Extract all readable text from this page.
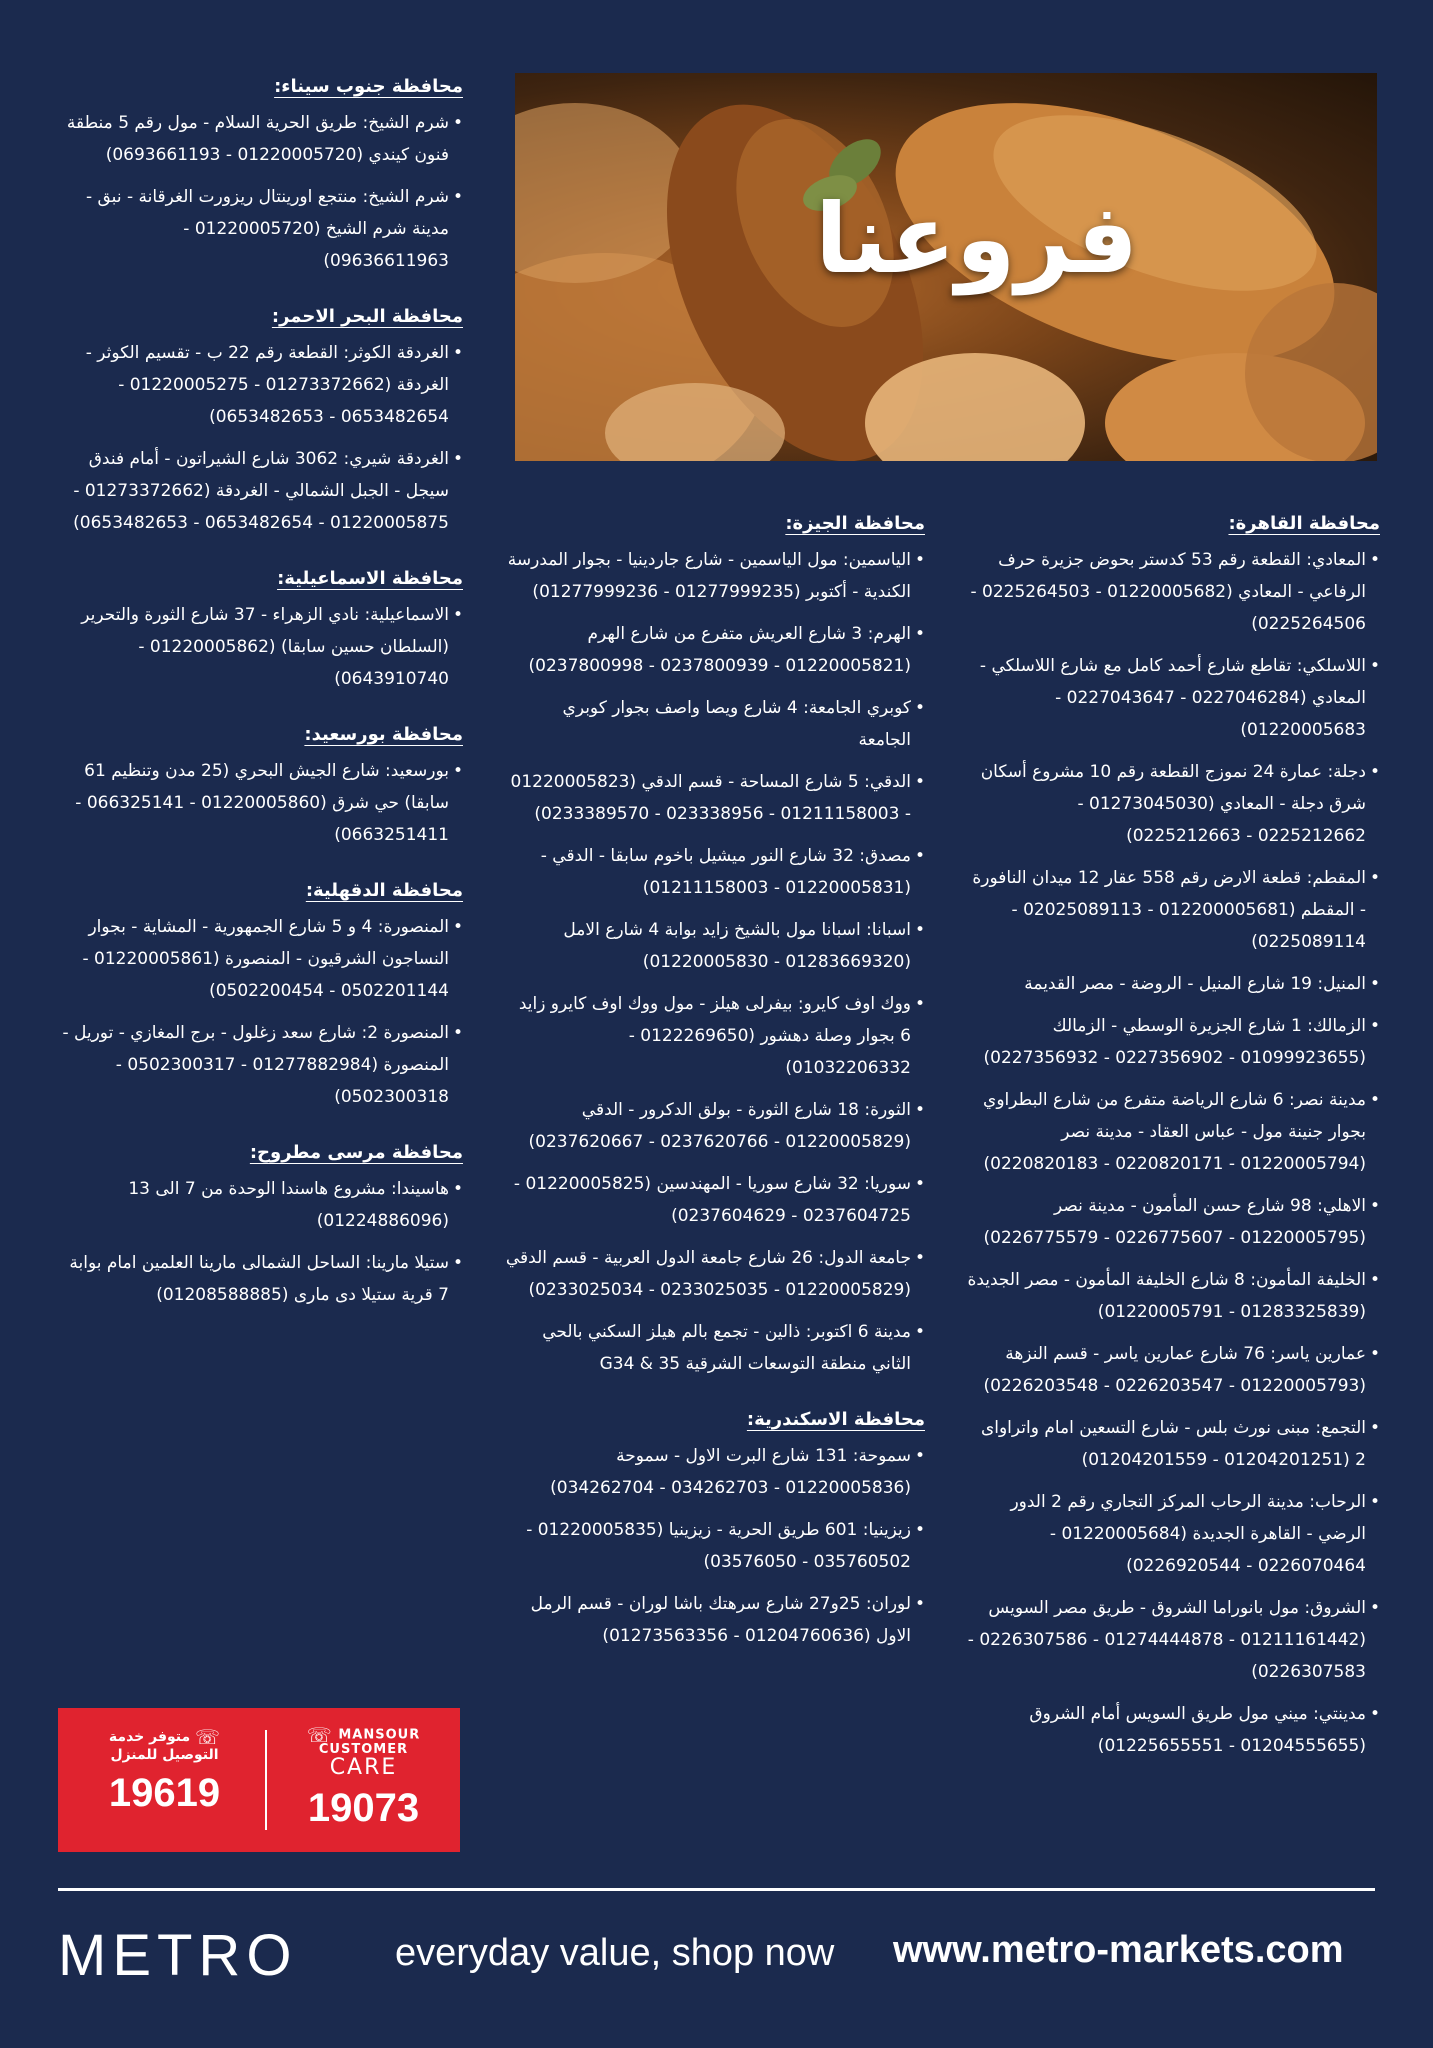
فروعنا
محافظة جنوب سيناء:
• شرم الشيخ: طريق الحرية السلام - مول رقم 5 منطقة فنون كيندي (01220005720 - 0693661193)
• شرم الشيخ: منتجع اورينتال ريزورت الغرقانة - نبق - مدينة شرم الشيخ (01220005720 - 09636611963)
محافظة البحر الاحمر:
• الغردقة الكوثر: القطعة رقم 22 ب - تقسيم الكوثر - الغردقة (01273372662 - 01220005275 - 0653482654 - 0653482653)
• الغردقة شيري: 3062 شارع الشيراتون - أمام فندق سيجل - الجبل الشمالي - الغردقة (01273372662 - 01220005875 - 0653482654 - 0653482653)
محافظة الاسماعيلية:
• الاسماعيلية: نادي الزهراء - 37 شارع الثورة والتحرير (السلطان حسين سابقا) (01220005862 - 0643910740)
محافظة بورسعيد:
• بورسعيد: شارع الجيش البحري (25 مدن وتنظيم 61 سابقا) حي شرق (01220005860 - 066325141 - 0663251411)
محافظة الدقهلية:
• المنصورة: 4 و 5 شارع الجمهورية - المشاية - بجوار النساجون الشرقيون - المنصورة (01220005861 - 0502201144 - 0502200454)
• المنصورة 2: شارع سعد زغلول - برج المغازي - توريل - المنصورة (01277882984 - 0502300317 - 0502300318)
محافظة مرسى مطروح:
• هاسيندا: مشروع هاسندا الوحدة من 7 الى 13 (01224886096)
• ستيلا مارينا: الساحل الشمالى مارينا العلمين امام بوابة 7 قرية ستيلا دى مارى (01208588885)
محافظة الجيزة:
• الياسمين: مول الياسمين - شارع جاردينيا - بجوار المدرسة الكندية - أكتوبر (01277999235 - 01277999236)
• الهرم: 3 شارع العريش متفرع من شارع الهرم (01220005821 - 0237800939 - 0237800998)
• كوبري الجامعة: 4 شارع ويصا واصف بجوار كوبري الجامعة
• الدقي: 5 شارع المساحة - قسم الدقي (01220005823 - 01211158003 - 023338956 - 0233389570)
• مصدق: 32 شارع النور ميشيل باخوم سابقا - الدقي - (01220005831 - 01211158003)
• اسبانا: اسبانا مول بالشيخ زايد بوابة 4 شارع الامل (01283669320 - 01220005830)
• ووك اوف كايرو: بيفرلى هيلز - مول ووك اوف كايرو زايد 6 بجوار وصلة دهشور (0122269650 - 01032206332)
• الثورة: 18 شارع الثورة - بولق الدكرور - الدقي (01220005829 - 0237620766 - 0237620667)
• سوريا: 32 شارع سوريا - المهندسين (01220005825 - 0237604725 - 0237604629)
• جامعة الدول: 26 شارع جامعة الدول العربية - قسم الدقي (01220005829 - 0233025035 - 0233025034)
• مدينة 6 اكتوبر: ذالين - تجمع بالم هيلز السكني بالحي الثاني منطقة التوسعات الشرقية G34 & 35
محافظة الاسكندرية:
• سموحة: 131 شارع البرت الاول - سموحة (01220005836 - 034262703 - 034262704)
• زيزينيا: 601 طريق الحرية - زيزينيا (01220005835 - 035760502 - 03576050)
• لوران: 25و27 شارع سرهتك باشا لوران - قسم الرمل الاول (01204760636 - 01273563356)
محافظة القاهرة:
• المعادي: القطعة رقم 53 كدستر بحوض جزيرة حرف الرفاعي - المعادي (01220005682 - 0225264503 - 0225264506)
• اللاسلكي: تقاطع شارع أحمد كامل مع شارع اللاسلكي - المعادي (0227046284 - 0227043647 - 01220005683)
• دجلة: عمارة 24 نموزج القطعة رقم 10 مشروع أسكان شرق دجلة - المعادي (01273045030 - 0225212662 - 0225212663)
• المقطم: قطعة الارض رقم 558 عقار 12 ميدان النافورة - المقطم (012200005681 - 02025089113 - 0225089114)
• المنيل: 19 شارع المنيل - الروضة - مصر القديمة
• الزمالك: 1 شارع الجزيرة الوسطي - الزمالك (01099923655 - 0227356902 - 0227356932)
• مدينة نصر: 6 شارع الرياضة متفرع من شارع البطراوي بجوار جنينة مول - عباس العقاد - مدينة نصر (01220005794 - 0220820171 - 0220820183)
• الاهلي: 98 شارع حسن المأمون - مدينة نصر (01220005795 - 0226775607 - 0226775579)
• الخليفة المأمون: 8 شارع الخليفة المأمون - مصر الجديدة (01283325839 - 01220005791)
• عمارين ياسر: 76 شارع عمارين ياسر - قسم النزهة (01220005793 - 0226203547 - 0226203548)
• التجمع: مبنى نورث بلس - شارع التسعين امام واتراواى 2 (01204201251 - 01204201559)
• الرحاب: مدينة الرحاب المركز التجاري رقم 2 الدور الرضي - القاهرة الجديدة (01220005684 - 0226070464 - 0226920544)
• الشروق: مول بانوراما الشروق - طريق مصر السويس (01211161442 - 01274444878 - 0226307586 - 0226307583)
• مدينتي: ميني مول طريق السويس أمام الشروق (01204555655 - 01225655551)
☏ متوفر خدمة
التوصيل للمنزل
19619
☏ MANSOUR
CUSTOMER
CARE
19073
METRO	everyday value, shop now www.metro-markets.com
